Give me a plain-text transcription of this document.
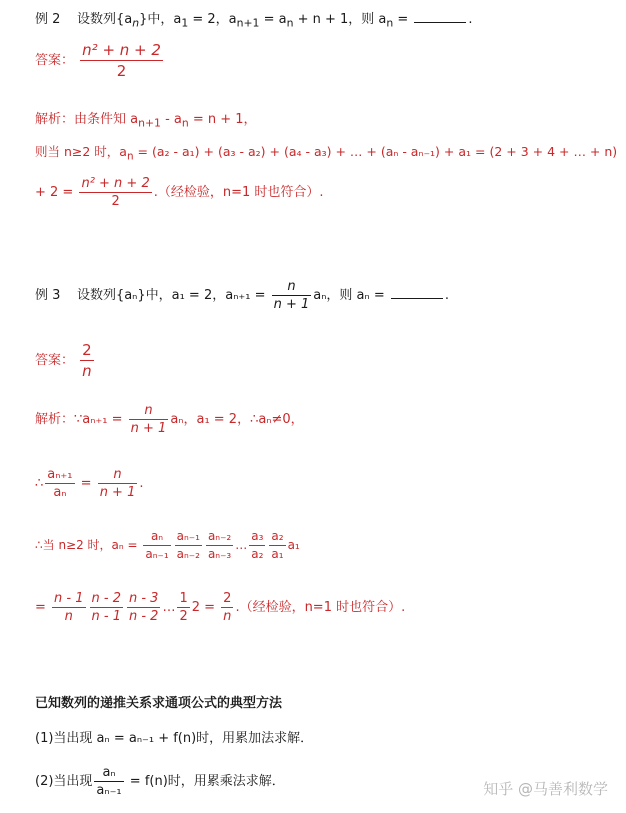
例 2 设数列$\{a_n\}$中，$a_1 = 2$，$a_{n+1} = a_n + n + 1$，则 $a_n$ =	.
答案： $\frac{\text{n² + n + 2}}{2}$
解析：由条件知 $a_{n+1} - a_n = n + 1$，
则当 n≥2 时，$a_n = (a_2 - a_1) + (a_3 - a_2) + (a_4 - a_3)$ + … + (aₙ - aₙ₋₁) + a₁ = (2 + 3 + 4 + … + n)
+ $2 = \frac{\text{n² + n + 2}}{2}$ .（经检验，n=1 时也符合）.
例 3 设数列{aₙ}中，a₁ = 2，$a_{n+1} = \frac{n}{n + 1}$ aₙ，则 aₙ =	.
答案： $\frac{2}{n}$
解析：∵aₙ₊₁ = $\frac{n}{n + 1}$ aₙ，a₁ = 2，∴aₙ≠0，
∴ $\frac{\text{aₙ₊₁}}{\text{aₙ}} = \frac{n}{n + 1}$ .
∴当 n≥2 时，$a_n = \frac{\text{aₙ}}{\text{aₙ₋₁}} \frac{\text{aₙ₋₁}}{\text{aₙ₋₂}} \frac{\text{aₙ₋₂}}{\text{aₙ₋₃}}$ … $\frac{\text{a₃}}{\text{a₂}} \frac{\text{a₂}}{\text{a₁}} a_1$
= $\frac{n - 1}{n} \frac{n - 2}{n - 1} \frac{n - 3}{n - 2}$ … $\frac{1}{2} 2 = \frac{2}{n}$ .（经检验，n=1 时也符合）.
已知数列的递推关系求通项公式的典型方法
(1)当出现 aₙ = aₙ₋₁ + f(n)时，用累加法求解．
(2)当出现 $\frac{\text{aₙ}}{\text{aₙ₋₁}} = f(n)$时，用累乘法求解．	知乎 @马善利数学
